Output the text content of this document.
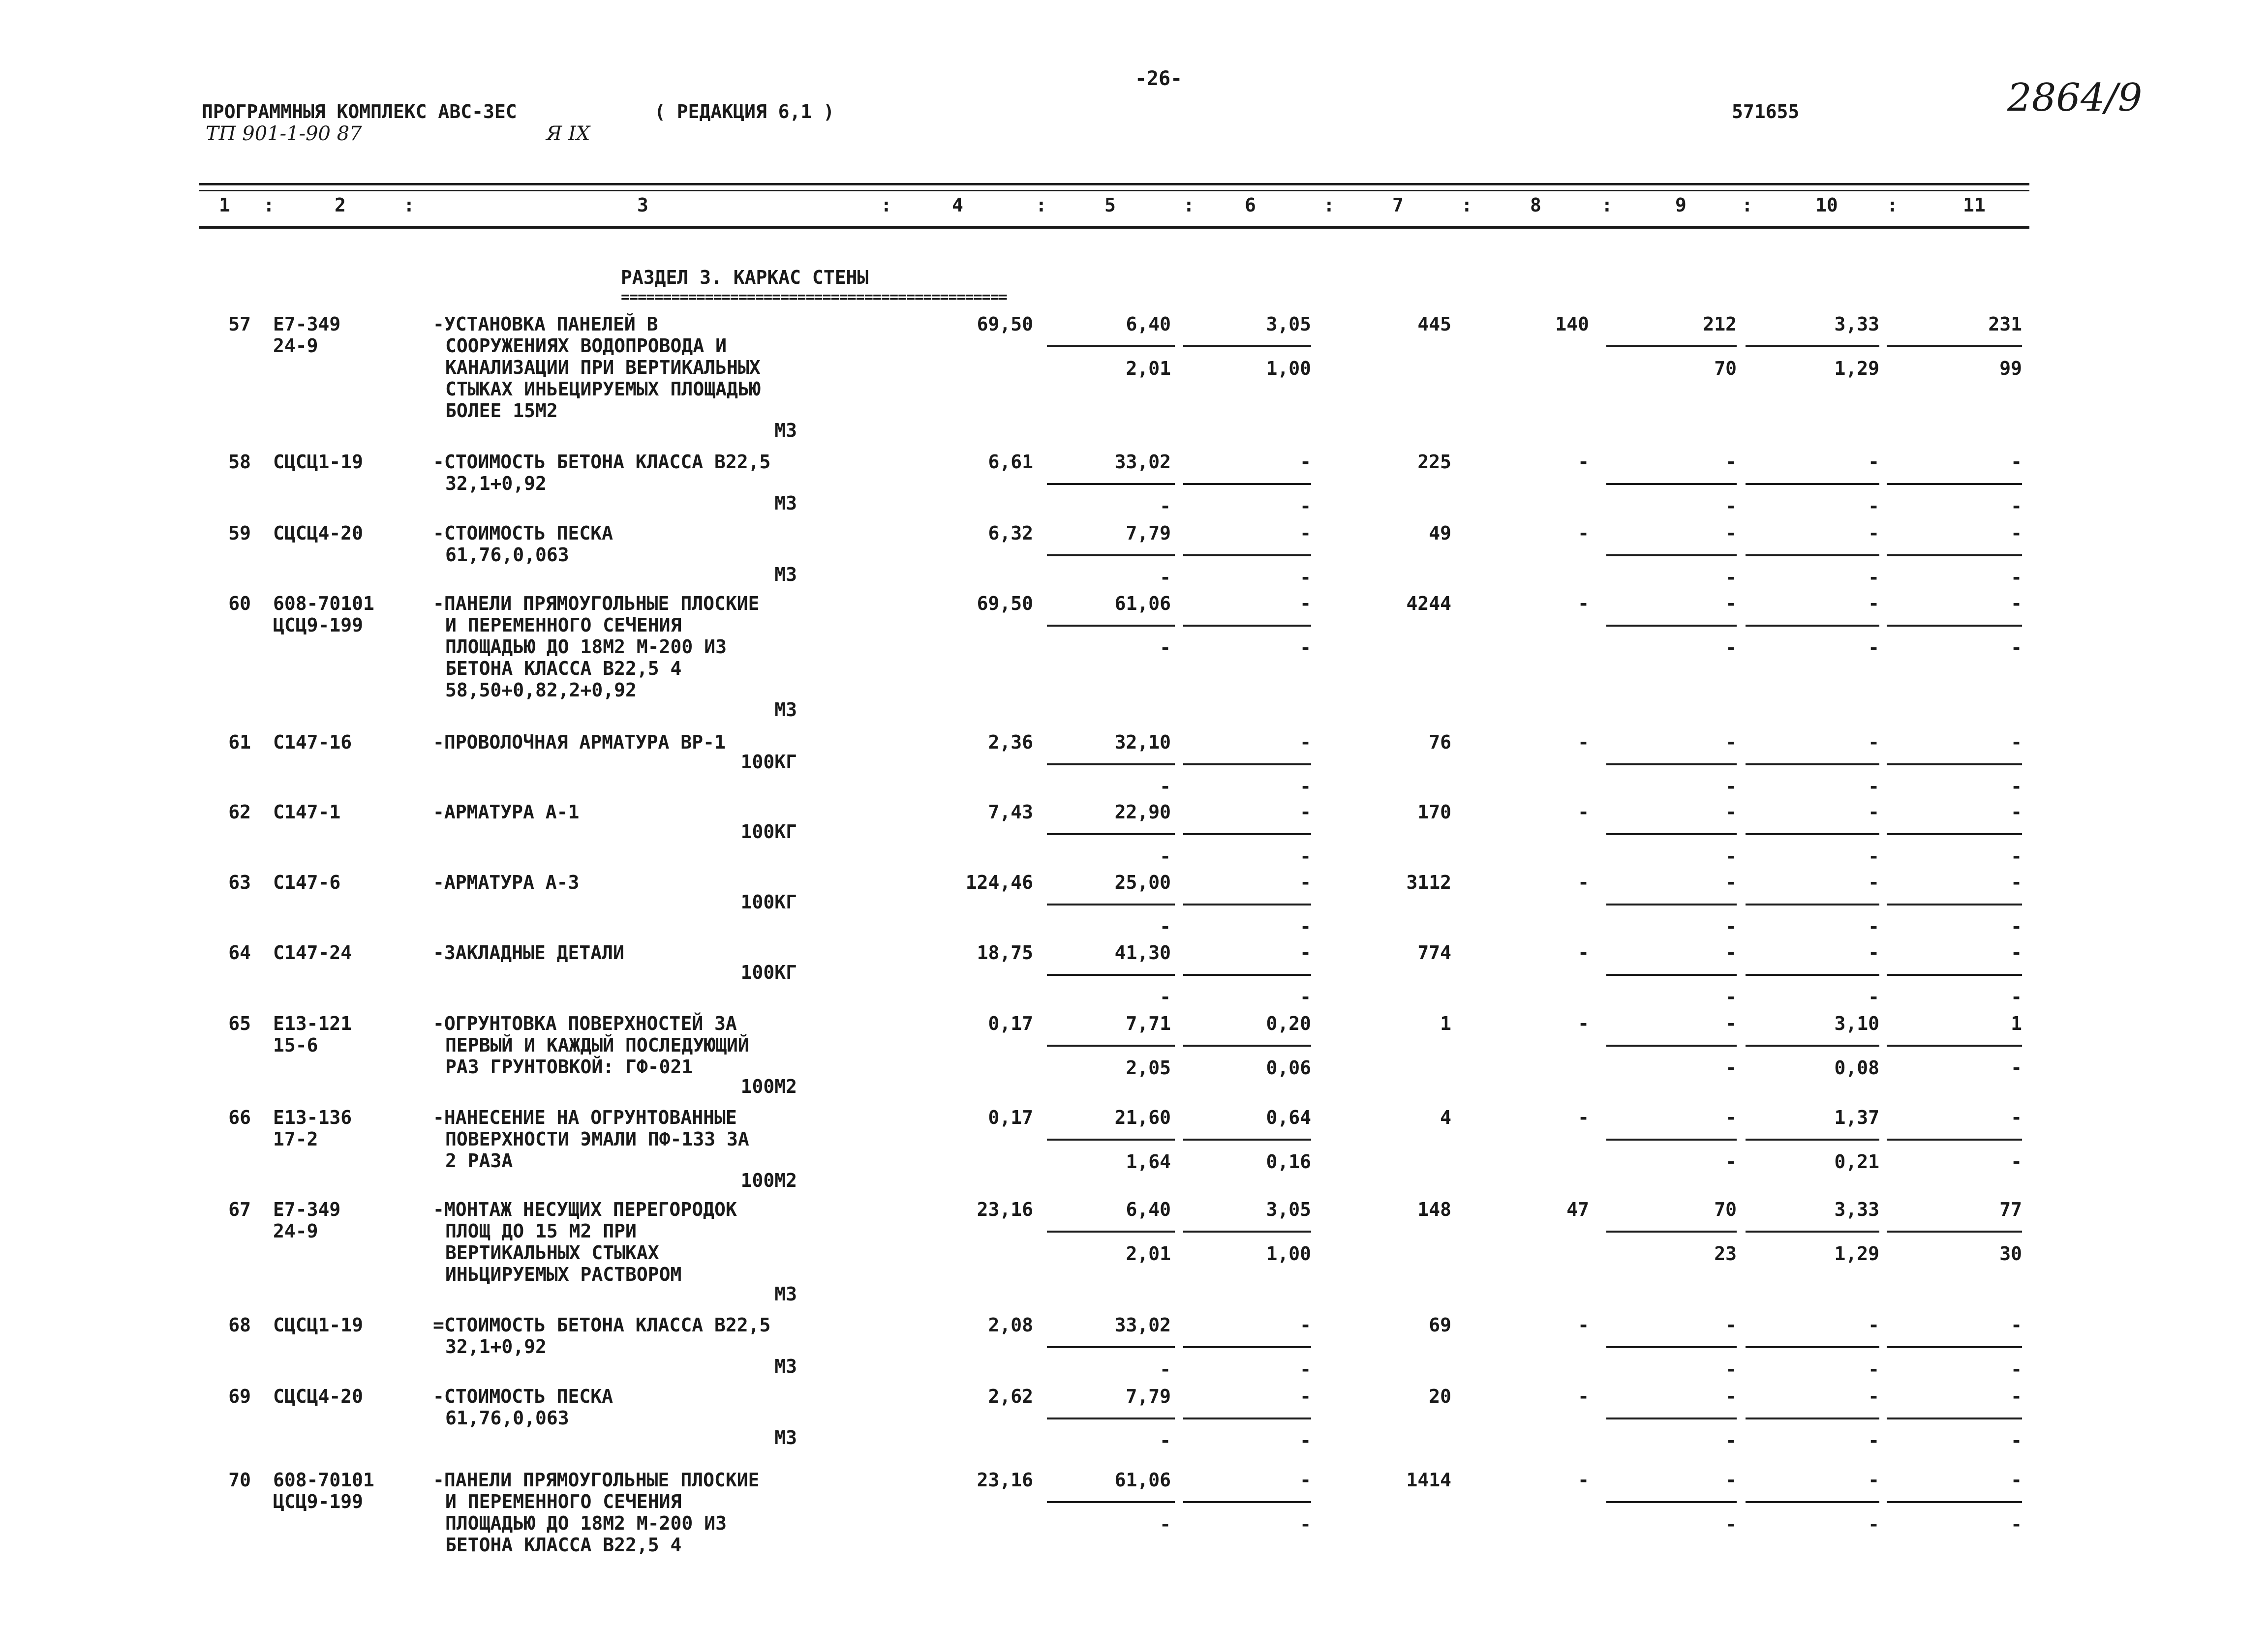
-26-
ПРОГРАММНЫЯ КОМПЛЕКС АВС-3ЕС	( РЕДАКЦИЯ 6,1 )	571655
ТП 901-1-90 87	Я IX
2864/9
1	2	3	4	5	6	7	8	9	10	11
:	:	:	:	:	:	:	:	:	:
РАЗДЕЛ 3. КАРКАС СТЕНЫ
==============================================
57 Е7-349
24-9
-УСТАНОВКА ПАНЕЛЕЙ В
СООРУЖЕНИЯХ ВОДОПРОВОДА И
КАНАЛИЗАЦИИ ПРИ ВЕРТИКАЛЬНЫХ
СТЫКАХ ИНЬЕЦИРУЕМЫХ ПЛОЩАДЬЮ
БОЛЕЕ 15М2
М3
69,50	6,40	3,05	445	140	212	3,33	231
2,01	1,00	70	1,29	99
58 СЦСЦ1-19	-СТОИМОСТЬ БЕТОНА КЛАССА В22,5
32,1+0,92
М3
6,61	33,02	-	225	-	-	-	-
-	-	-	-	-
59 СЦСЦ4-20	-СТОИМОСТЬ ПЕСКА
61,76,0,063
М3
6,32	7,79	-	49	-	-	-	-
-	-	-	-	-
60 608-70101
ЦСЦ9-199
-ПАНЕЛИ ПРЯМОУГОЛЬНЫЕ ПЛОСКИЕ
И ПЕРЕМЕННОГО СЕЧЕНИЯ
ПЛОЩАДЬЮ ДО 18М2 М-200 ИЗ
БЕТОНА КЛАССА В22,5 4
58,50+0,82,2+0,92
М3
69,50	61,06	-	4244	-	-	-	-
-	-	-	-	-
61 С147-16	-ПРОВОЛОЧНАЯ АРМАТУРА ВР-1
100КГ
2,36	32,10	-	76	-	-	-	-
-	-	-	-	-
62 С147-1	-АРМАТУРА А-1
100КГ
7,43	22,90	-	170	-	-	-	-
-	-	-	-	-
63 С147-6	-АРМАТУРА А-3
100КГ
124,46	25,00	-	3112	-	-	-	-
-	-	-	-	-
64 С147-24	-ЗАКЛАДНЫЕ ДЕТАЛИ
100КГ
18,75	41,30	-	774	-	-	-	-
-	-	-	-	-
65 Е13-121
15-6
-ОГРУНТОВКА ПОВЕРХНОСТЕЙ ЗА
ПЕРВЫЙ И КАЖДЫЙ ПОСЛЕДУЮЩИЙ
РАЗ ГРУНТОВКОЙ: ГФ-021
100М2
0,17	7,71	0,20	1	-	-	3,10	1
2,05	0,06	-	0,08	-
66 Е13-136
17-2
-НАНЕСЕНИЕ НА ОГРУНТОВАННЫЕ
ПОВЕРХНОСТИ ЭМАЛИ ПФ-133 ЗА
2 РАЗА
100М2
0,17	21,60	0,64	4	-	-	1,37	-
1,64	0,16	-	0,21	-
67 Е7-349
24-9
-МОНТАЖ НЕСУЩИХ ПЕРЕГОРОДОК
ПЛОЩ ДО 15 М2 ПРИ
ВЕРТИКАЛЬНЫХ СТЫКАХ
ИНЬЦИРУЕМЫХ РАСТВОРОМ
М3
23,16	6,40	3,05	148	47	70	3,33	77
2,01	1,00	23	1,29	30
68 СЦСЦ1-19	=СТОИМОСТЬ БЕТОНА КЛАССА В22,5
32,1+0,92
М3
2,08	33,02	-	69	-	-	-	-
-	-	-	-	-
69 СЦСЦ4-20	-СТОИМОСТЬ ПЕСКА
61,76,0,063
М3
2,62	7,79	-	20	-	-	-	-
-	-	-	-	-
70 608-70101
ЦСЦ9-199
-ПАНЕЛИ ПРЯМОУГОЛЬНЫЕ ПЛОСКИЕ
И ПЕРЕМЕННОГО СЕЧЕНИЯ
ПЛОЩАДЬЮ ДО 18М2 М-200 ИЗ
БЕТОНА КЛАССА В22,5 4
23,16	61,06	-	1414	-	-	-	-
-	-	-	-	-
